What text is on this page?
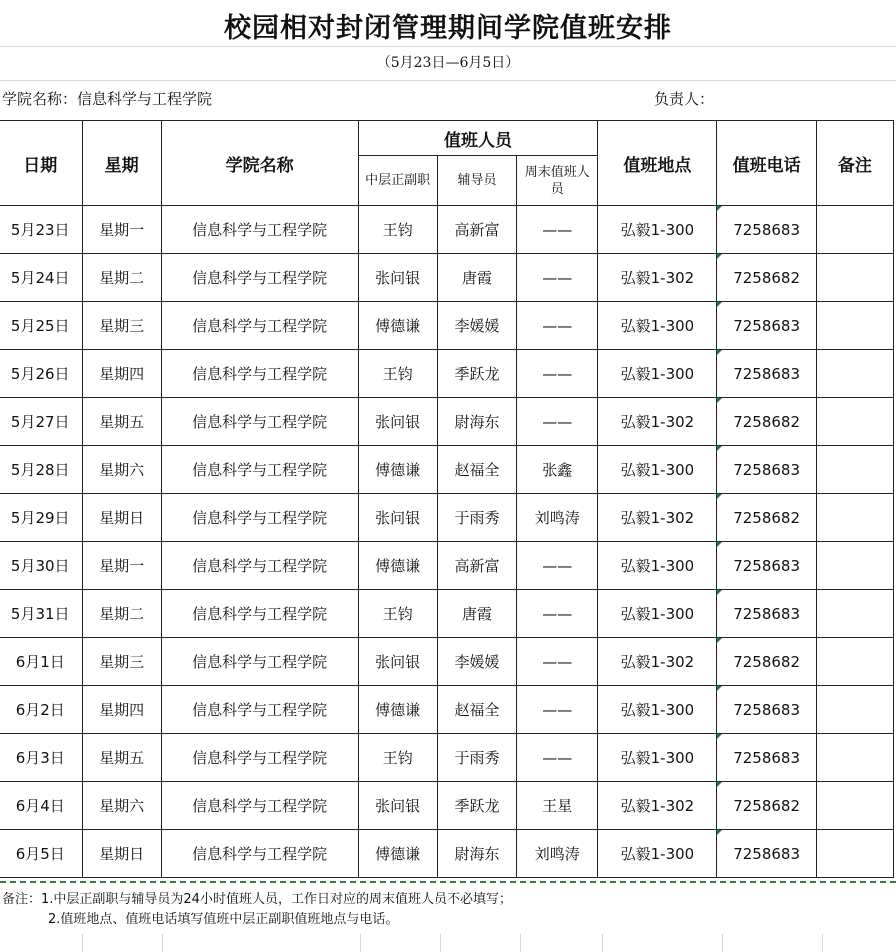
校园相对封闭管理期间学院值班安排
（5月23日—6月5日）
学院名称：信息科学与工程学院	负责人：
日期	星期	学院名称	值班人员			值班地点	值班电话	备注
			中层正副职	辅导员	周末值班人员			
5月23日	星期一	信息科学与工程学院	王钧	高新富	——	弘毅1-300	7258683	
5月24日	星期二	信息科学与工程学院	张问银	唐霞	——	弘毅1-302	7258682	
5月25日	星期三	信息科学与工程学院	傅德谦	李媛媛	——	弘毅1-300	7258683	
5月26日	星期四	信息科学与工程学院	王钧	季跃龙	——	弘毅1-300	7258683	
5月27日	星期五	信息科学与工程学院	张问银	尉海东	——	弘毅1-302	7258682	
5月28日	星期六	信息科学与工程学院	傅德谦	赵福全	张鑫	弘毅1-300	7258683	
5月29日	星期日	信息科学与工程学院	张问银	于雨秀	刘鸣涛	弘毅1-302	7258682	
5月30日	星期一	信息科学与工程学院	傅德谦	高新富	——	弘毅1-300	7258683	
5月31日	星期二	信息科学与工程学院	王钧	唐霞	——	弘毅1-300	7258683	
6月1日	星期三	信息科学与工程学院	张问银	李媛媛	——	弘毅1-302	7258682	
6月2日	星期四	信息科学与工程学院	傅德谦	赵福全	——	弘毅1-300	7258683	
6月3日	星期五	信息科学与工程学院	王钧	于雨秀	——	弘毅1-300	7258683	
6月4日	星期六	信息科学与工程学院	张问银	季跃龙	王星	弘毅1-302	7258682	
6月5日	星期日	信息科学与工程学院	傅德谦	尉海东	刘鸣涛	弘毅1-300	7258683	
备注：1.中层正副职与辅导员为24小时值班人员，工作日对应的周末值班人员不必填写；
2.值班地点、值班电话填写值班中层正副职值班地点与电话。
